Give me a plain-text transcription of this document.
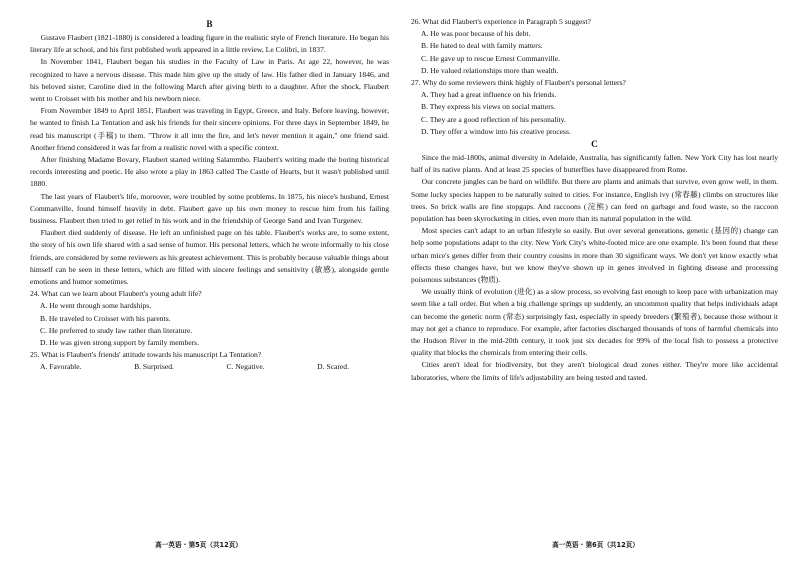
B

Gustave Flaubert (1821-1880) is considered a leading figure in the realistic style of French literature. He began his literary life at school, and his first published work appeared in a little review, Le Colibri, in 1837.

In November 1841, Flaubert began his studies in the Faculty of Law in Paris. At age 22, however, he was recognized to have a nervous disease. This made him give up the study of law. His father died in January 1846, and his beloved sister, Caroline died in the following March after giving birth to a daughter. After the shock, Flaubert went to Croisset with his mother and his newborn niece.

From November 1849 to April 1851, Flaubert was traveling in Egypt, Greece, and Italy. Before leaving, however, he wanted to finish La Tentation and ask his friends for their sincere opinions. For three days in September 1849, he read his manuscript (手稿) to them. "Throw it all into the fire, and let's never mention it again," one friend said. Another friend considered it was far from a realistic novel with a specific context.

After finishing Madame Bovary, Flaubert started writing Salammbo. Flaubert's writing made the boring historical records interesting and poetic. He also wrote a play in 1863 called The Castle of Hearts, but it wasn't published until 1880.

The last years of Flaubert's life, moreover, were troubled by some problems. In 1875, his niece's husband, Ernest Commanville, found himself heavily in debt. Flaubert gave up his own money to rescue him from his failing business. Flaubert then tried to get relief in his work and in the friendship of George Sand and Ivan Turgenev.

Flaubert died suddenly of disease. He left an unfinished page on his table. Flaubert's works are, to some extent, the story of his own life shared with a sad sense of humor. His personal letters, which he wrote informally to his close friends, are considered by some reviewers as his greatest achievement. This is probably because valuable things about himself can be seen in these letters, which are filled with sincere feelings and sensitivity (敏感), alongside gentle emotions and humor sometimes.

24. What can we learn about Flaubert's young adult life?
A. He went through some hardships.
B. He traveled to Croisset with his parents.
C. He preferred to study law rather than literature.
D. He was given strong support by family members.
25. What is Flaubert's friends' attitude towards his manuscript La Tentation?
A. Favorable.	B. Surprised.	C. Negative.	D. Scared.
高一英语 · 第5页（共12页）
26. What did Flaubert's experience in Paragraph 5 suggest?
A. He was poor because of his debt.
B. He hated to deal with family matters.
C. He gave up to rescue Ernest Commanville.
D. He valued relationships more than wealth.
27. Why do some reviewers think highly of Flaubert's personal letters?
A. They had a great influence on his friends.
B. They express his views on social matters.
C. They are a good reflection of his personality.
D. They offer a window into his creative process.
C

Since the mid-1800s, animal diversity in Adelaide, Australia, has significantly fallen. New York City has lost nearly half of its native plants. And at least 25 species of butterflies have disappeared from Rome.

Our concrete jungles can be hard on wildlife. But there are plants and animals that survive, even grow well, in them. Some lucky species happen to be naturally suited to cities. For instance, English ivy (常春藤) climbs on structures like trees. So brick walls are fine stopgaps. And raccoons (浣熊) can feed on garbage and food waste, so the raccoon population has been skyrocketing in cities, even more than its natural population in the wild.

Most species can't adapt to an urban lifestyle so easily. But over several generations, genetic (基因的) change can help some populations adapt to the city. New York City's white-footed mice are one example. It's been found that these urban mice's genes differ from their country cousins in more than 30 significant ways. We don't yet know exactly what effects these changes have, but we know they've shown up in genes involved in fighting disease and processing poisonous substances (物质).

We usually think of evolution (进化) as a slow process, so evolving fast enough to keep pace with urbanization may seem like a tall order. But when a big challenge springs up suddenly, an uncommon quality that helps individuals adapt can become the genetic norm (常态) surprisingly fast, especially in speedy breeders (繁殖者), because those without it may not get a chance to reproduce. For example, after factories discharged thousands of tons of harmful chemicals into the Hudson River in the mid-20th century, it took just six decades for 99% of the local fish to possess a protective quality that blocks the chemicals from entering their cells.

Cities aren't ideal for biodiversity, but they aren't biological dead zones either. They're more like accidental laboratories, where the limits of life's adjustability are being tested and tasted.

高一英语 · 第6页（共12页）
